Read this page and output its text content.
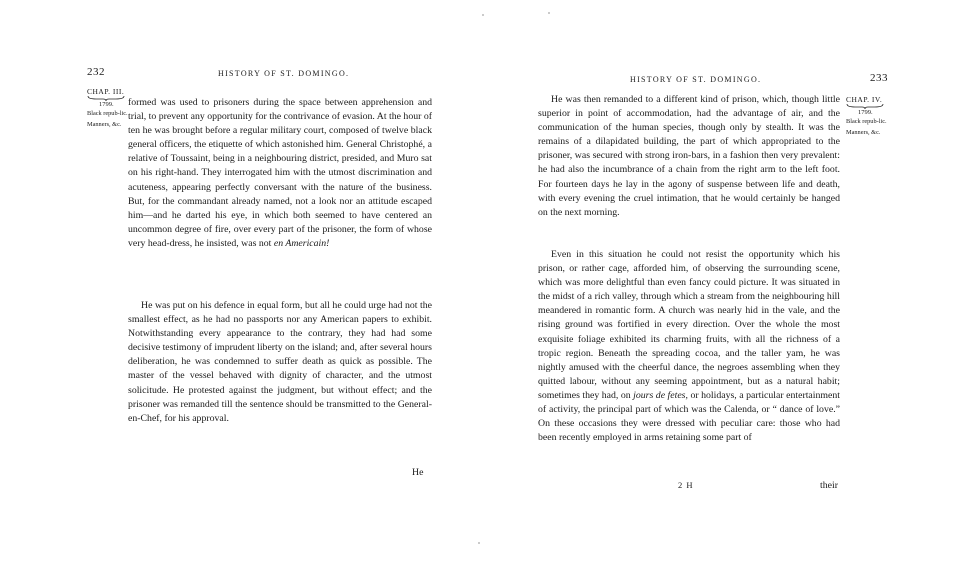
232	HISTORY OF ST. DOMINGO.
CHAP. III.
1799.
Black repub-lic.
Manners, &c.

formed was used to prisoners during the space between apprehension and trial, to prevent any opportunity for the contrivance of evasion. At the hour of ten he was brought before a regular military court, composed of twelve black general officers, the etiquette of which astonished him. General Christophé, a relative of Toussaint, being in a neighbouring district, presided, and Muro sat on his right-hand. They interrogated him with the utmost discrimination and acuteness, appearing perfectly conversant with the nature of the business. But, for the commandant already named, not a look nor an attitude escaped him—and he darted his eye, in which both seemed to have centered an uncommon degree of fire, over every part of the prisoner, the form of whose very head-dress, he insisted, was not en Americain!

He was put on his defence in equal form, but all he could urge had not the smallest effect, as he had no passports nor any American papers to exhibit. Notwithstanding every appearance to the contrary, they had had some decisive testimony of imprudent liberty on the island; and, after several hours deliberation, he was condemned to suffer death as quick as possible. The master of the vessel behaved with dignity of character, and the utmost solicitude. He protested against the judgment, but without effect; and the prisoner was remanded till the sentence should be transmitted to the General-en-Chef, for his approval.

He
HISTORY OF ST. DOMINGO.	233

He was then remanded to a different kind of prison, which, though little superior in point of accommodation, had the advantage of air, and the communication of the human species, though only by stealth. It was the remains of a dilapidated building, the part of which appropriated to the prisoner, was secured with strong iron-bars, in a fashion then very prevalent: he had also the incumbrance of a chain from the right arm to the left foot. For fourteen days he lay in the agony of suspense between life and death, with every evening the cruel intimation, that he would certainly be hanged on the next morning.

CHAP. IV.
1799.
Black repub-lic.
Manners, &c.

Even in this situation he could not resist the opportunity which his prison, or rather cage, afforded him, of observing the surrounding scene, which was more delightful than even fancy could picture. It was situated in the midst of a rich valley, through which a stream from the neighbouring hill meandered in romantic form. A church was nearly hid in the vale, and the rising ground was fortified in every direction. Over the whole the most exquisite foliage exhibited its charming fruits, with all the richness of a tropic region. Beneath the spreading cocoa, and the taller yam, he was nightly amused with the cheerful dance, the negroes assembling when they quitted labour, without any seeming appointment, but as a natural habit; sometimes they had, on jours de fetes, or holidays, a particular entertainment of activity, the principal part of which was the Calenda, or “ dance of love.” On these occasions they were dressed with peculiar care: those who had been recently employed in arms retaining some part of

2 H	their
